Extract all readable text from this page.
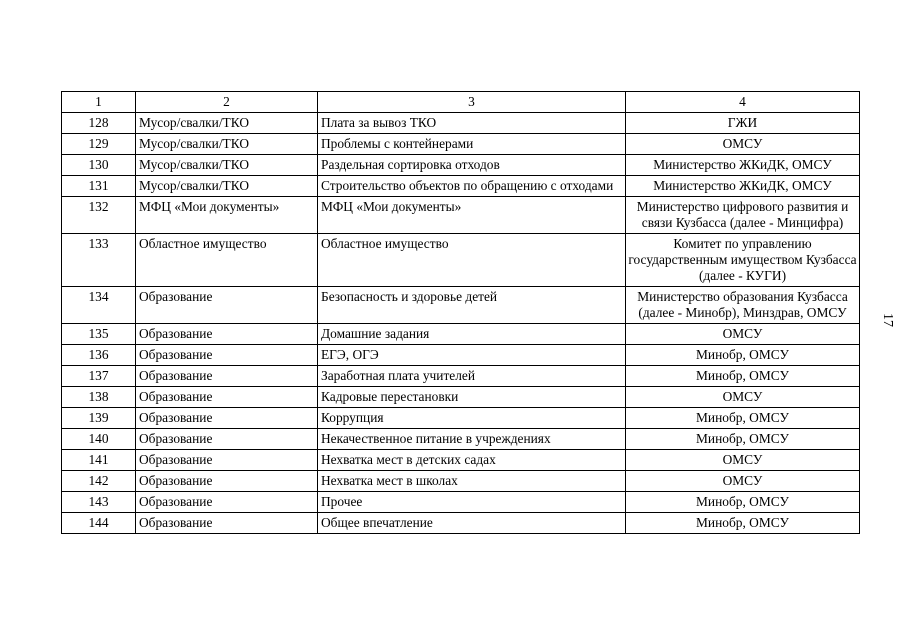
1	2	3	4
128	Мусор/свалки/ТКО	Плата за вывоз ТКО	ГЖИ
129	Мусор/свалки/ТКО	Проблемы с контейнерами	ОМСУ
130	Мусор/свалки/ТКО	Раздельная сортировка отходов	Министерство ЖКиДК, ОМСУ
131	Мусор/свалки/ТКО	Строительство объектов по обращению с отходами	Министерство ЖКиДК, ОМСУ
132	МФЦ «Мои документы»	МФЦ «Мои документы»	Министерство цифрового развития и связи Кузбасса (далее - Минцифра)
133	Областное имущество	Областное имущество	Комитет по управлению государственным имуществом Кузбасса (далее - КУГИ)
134	Образование	Безопасность и здоровье детей	Министерство образования Кузбасса (далее - Минобр), Минздрав, ОМСУ
135	Образование	Домашние задания	ОМСУ
136	Образование	ЕГЭ, ОГЭ	Минобр, ОМСУ
137	Образование	Заработная плата учителей	Минобр, ОМСУ
138	Образование	Кадровые перестановки	ОМСУ
139	Образование	Коррупция	Минобр, ОМСУ
140	Образование	Некачественное питание в учреждениях	Минобр, ОМСУ
141	Образование	Нехватка мест в детских садах	ОМСУ
142	Образование	Нехватка мест в школах	ОМСУ
143	Образование	Прочее	Минобр, ОМСУ
144	Образование	Общее впечатление	Минобр, ОМСУ
17
